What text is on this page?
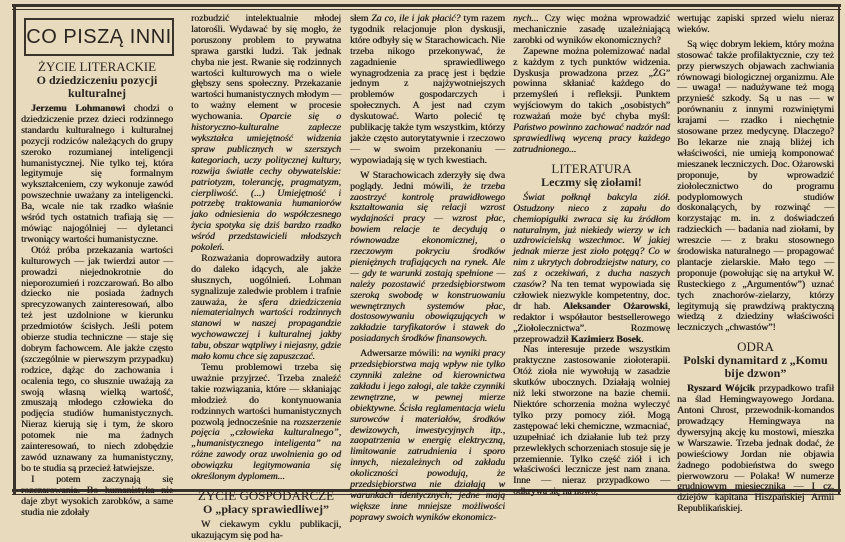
CO PISZĄ INNI
ŻYCIE LITERACKIE
O dziedziczeniu pozycji kulturalnej

Jerzemu Lohmanowi chodzi o dziedziczenie przez dzieci rodzinnego standardu kulturalnego i kulturalnej pozycji rodziców należących do grupy szeroko rozumianej inteligencji humanistycznej. Nie tylko tej, która legitymuje się formalnym wykształceniem, czy wykonuje zawód powszechnie uważany za inteligencki. Ba, wcale nie tak rzadko właśnie wśród tych ostatnich trafiają się — mówiąc najogólniej — dyletanci trwoniący wartości humanistyczne.

Otóż próba przekazania wartości kulturowych — jak twierdzi autor — prowadzi niejednokrotnie do nieporozumień i rozczarowań. Bo albo dziecko nie posiada żadnych sprecyzowanych zainteresowań, albo też jest uzdolnione w kierunku przedmiotów ścisłych. Jeśli potem obierze studia techniczne — staje się dobrym fachowcem. Ale jakże często (szczególnie w pierwszym przypadku) rodzice, dążąc do zachowania i ocalenia tego, co słusznie uważają za swoją własną wielką wartość, zmuszają młodego człowieka do podjęcia studiów humanistycznych. Nieraz kierują się i tym, że skoro potomek nie ma żadnych zainteresowań, to niech zdobędzie zawód uznawany za humanistyczny, bo te studia są przecież łatwiejsze.

I potem zaczynają się rozczarowania. Bo humanistyka nie daje zbyt wysokich zarobków, a same studia nie zdołały

rozbudzić intelektualnie młodej latorośli. Wydawać by się mogło, że poruszony problem to prywatna sprawa garstki ludzi. Tak jednak chyba nie jest. Rwanie się rodzinnych wartości kulturowych ma o wiele głębszy sens społeczny. Przekazanie wartości humanistycznych młodym — to ważny element w procesie wychowania. Oparcie się o historyczno-kulturalne zaplecze wykształca umiejętność widzenia spraw publicznych w szerszych kategoriach, uczy politycznej kultury, rozwija światłe cechy obywatelskie: patriotyzm, tolerancję, pragmatyzm, cierpliwość. (...) Umiejętność i potrzebę traktowania humaniorów jako odniesienia do współczesnego życia spotyka się dziś bardzo rzadko wśród przedstawicieli młodszych pokoleń.

Rozważania doprowadziły autora do daleko idących, ale jakże słusznych, uogólnień. Lohman sygnalizuje zaledwie problem i trafnie zauważa, że sfera dziedziczenia niematerialnych wartości rodzinnych stanowi w naszej propagandzie wychowawczej i kulturalnej jakby tabu, obszar wątpliwy i niejasny, gdzie mało komu chce się zapuszczać.

Temu problemowi trzeba się uważnie przyjrzeć. Trzeba znaleźć takie rozwiązania, które — skłaniając młodzież do kontynuowania rodzinnych wartości humanistycznych pozwolą jednocześnie na rozszerzenie pojęcia „człowieka kulturalnego”, „humanistycznego inteligenta” na różne zawody oraz uwolnienia go od obowiązku legitymowania się określonym dyplomem...

ŻYCIE GOSPODARCZE
O „płacy sprawiedliwej”

W ciekawym cyklu publikacji, ukazującym się pod ha-

słem Za co, ile i jak płacić? tym razem tygodnik relacjonuje plon dyskusji, które odbyły się w Starachowicach. Nie trzeba nikogo przekonywać, że zagadnienie sprawiedliwego wynagrodzenia za pracę jest i będzie jednym z najżywotniejszych problemów gospodarczych i społecznych. A jest nad czym dyskutować. Warto polecić tę publikację także tym wszystkim, którzy jakże często autorytatywnie i rzeczowo — w swoim przekonaniu — wypowiadają się w tych kwestiach.

W Starachowicach zderzyły się dwa poglądy. Jedni mówili, że trzeba zaostrzyć kontrolę prawidłowego kształtowania się relacji wzrost wydajności pracy — wzrost płac, bowiem relacje te decydują o równowadze ekonomicznej, o rzeczowym pokryciu środków pieniężnych trafiających na rynek. Ale — gdy te warunki zostają spełnione — należy pozostawić przedsiębiorstwom szeroką swobodę w konstruowaniu wewnętrznych systemów płac, dostosowywaniu obowiązujących w zakładzie taryfikatorów i stawek do posiadanych środków finansowych.

Adwersarze mówili: na wyniki pracy przedsiębiorstwa mają wpływ nie tylko czynniki zależne od kierownictwa zakładu i jego załogi, ale także czynniki zewnętrzne, w pewnej mierze obiektywne. Ścisła reglamentacja wielu surowców i materiałów, środków dewizowych, inwestycyjnych itp., zaopatrzenia w energię elektryczną, limitowanie zatrudnienia i sporo innych, niezależnych od zakładu okoliczności powodują, że przedsiębiorstwa nie działają w warunkach identycznych; jedne mają większe inne mniejsze możliwości poprawy swoich wyników ekonomicz-

nych... Czy więc można wprowadzić mechanicznie zasadę uzależniającą zarobki od wyników ekonomicznych?

Zapewne można polemizować nadal z każdym z tych punktów widzenia. Dyskusja prowadzona przez „ŻG” powinna skłaniać każdego do przemyśleń i refleksji. Punktem wyjściowym do takich „osobistych” rozważań może być chyba myśl: Państwo powinno zachować nadzór nad sprawiedliwą wyceną pracy każdego zatrudnionego...

LITERATURA
Leczmy się ziołami!

Świat połknął bakcyla ziół. Ostudzony nieco z zapału do chemiopigułki zwraca się ku źródłom naturalnym, już niekiedy wierzy w ich uzdrowicielską wszechmoc. W jakiej jednak mierze jest zioło potęgą? Co w nim z ukrytych dobrodziejstw natury, co zaś z oczekiwań, z ducha naszych czasów? Na ten temat wypowiada się człowiek niezwykle kompetentny, doc. dr hab. Aleksander Ożarowski, redaktor i współautor bestsellerowego „Ziołolecznictwa”. Rozmowę przeprowadził Kazimierz Bosek.

Nas interesuje przede wszystkim praktyczne zastosowanie ziołoterapii. Otóż zioła nie wywołują w zasadzie skutków ubocznych. Działają wolniej niż leki stworzone na bazie chemii. Niektóre schorzenia można wyleczyć tylko przy pomocy ziół. Mogą zastępować leki chemiczne, wzmacniać, uzupełniać ich działanie lub też przy przewlekłych schorzeniach stosuje się je przemiennie. Tylko część ziół i ich właściwości lecznicze jest nam znana. Inne — nieraz przypadkowo — odkrywa się na nowo,

wertując zapiski sprzed wielu nieraz wieków.

Są więc dobrym lekiem, który można stosować także profilaktycznie, czy też przy pierwszych objawach zachwiania równowagi biologicznej organizmu. Ale — uwaga! — nadużywane też mogą przynieść szkody. Są u nas — w porównaniu z innymi rozwiniętymi krajami — rzadko i niechętnie stosowane przez medycynę. Dlaczego? Bo lekarze nie znają bliżej ich właściwości, nie umieją komponować mieszanek leczniczych. Doc. Ożarowski proponuje, by wprowadzić ziołolecznictwo do programu podyplomowych studiów doskonalących, by rozwinąć — korzystając m. in. z doświadczeń radzieckich — badania nad ziołami, by wreszcie — z braku stosownego środowiska naturalnego — propagować plantacje zielarskie. Mało tego — proponuje (powołując się na artykuł W. Rusteckiego z „Argumentów”) uznać tych znachorów-zielarzy, którzy legitymują się prawdziwą praktyczną wiedzą z dziedziny właściwości leczniczych „chwastów”!

ODRA
Polski dynamitard z „Komu bije dzwon”

Ryszard Wójcik przypadkowo trafił na ślad Hemingwayowego Jordana. Antoni Chrost, przewodnik-komandos prowadzący Hemingwaya na dywersyjną akcję ku mostowi, mieszka w Warszawie. Trzeba jednak dodać, że powieściowy Jordan nie objawia żadnego podobieństwa do swego pierwowzoru — Polaka! W numerze grudniowym miesięcznika — I cz. dziejów kapitana Hiszpańskiej Armii Republikańskiej.
